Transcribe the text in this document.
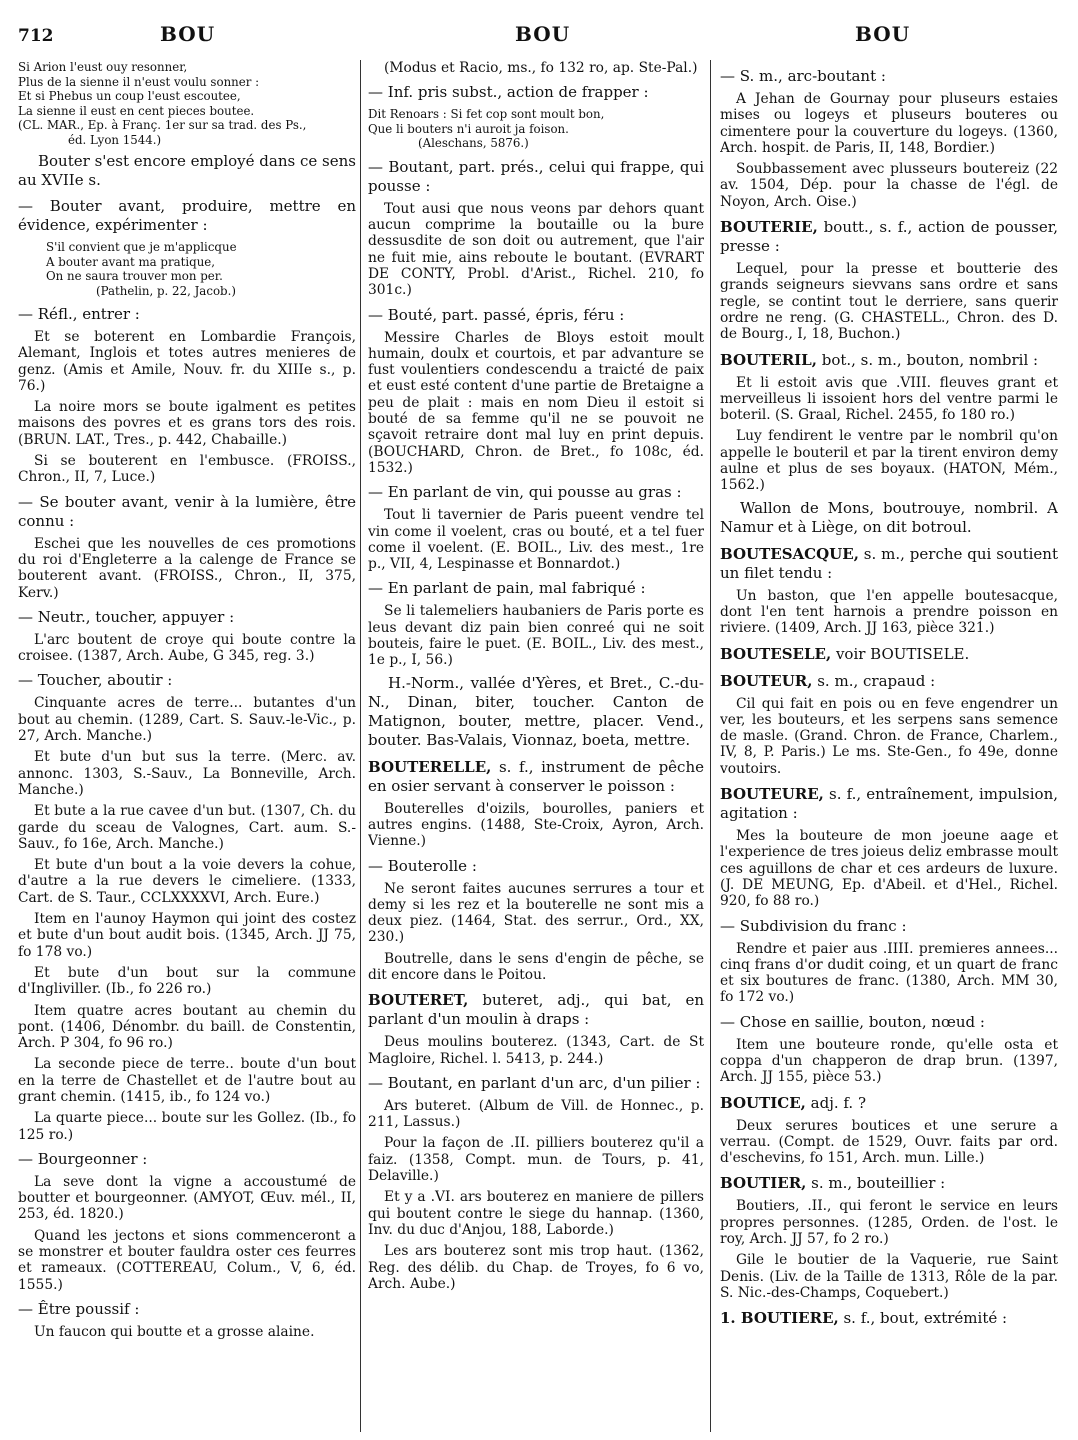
712	BOU	BOU	BOU
Si Arion l'eust ouy resonner,
Plus de la sienne il n'eust voulu sonner :
Et si Phebus un coup l'eust escoutee,
La sienne il eust en cent pieces boutee.
(CL. MAR., Ep. à Franç. 1er sur sa trad. des Ps.,
éd. Lyon 1544.)
Bouter s'est encore employé dans ce sens au XVIIe s.
— Bouter avant, produire, mettre en évidence, expérimenter :
S'il convient que je m'applicque
A bouter avant ma pratique,
On ne saura trouver mon per.
(Pathelin, p. 22, Jacob.)
— Réfl., entrer :
Et se boterent en Lombardie François, Alemant, Inglois et totes autres menieres de genz. (Amis et Amile, Nouv. fr. du XIIIe s., p. 76.)
La noire mors se boute igalment es petites maisons des povres et es grans tors des rois. (BRUN. LAT., Tres., p. 442, Chabaille.)
Si se bouterent en l'embusce. (FROISS., Chron., II, 7, Luce.)
— Se bouter avant, venir à la lumière, être connu :
Eschei que les nouvelles de ces promotions du roi d'Engleterre a la calenge de France se bouterent avant. (FROISS., Chron., II, 375, Kerv.)
— Neutr., toucher, appuyer :
L'arc boutent de croye qui boute contre la croisee. (1387, Arch. Aube, G 345, reg. 3.)
— Toucher, aboutir :
Cinquante acres de terre... butantes d'un bout au chemin. (1289, Cart. S. Sauv.-le-Vic., p. 27, Arch. Manche.)
Et bute d'un but sus la terre. (Merc. av. annonc. 1303, S.-Sauv., La Bonneville, Arch. Manche.)
Et bute a la rue cavee d'un but. (1307, Ch. du garde du sceau de Valognes, Cart. aum. S.-Sauv., fo 16e, Arch. Manche.)
Et bute d'un bout a la voie devers la cohue, d'autre a la rue devers le cimeliere. (1333, Cart. de S. Taur., CCLXXXXVI, Arch. Eure.)
Item en l'aunoy Haymon qui joint des costez et bute d'un bout audit bois. (1345, Arch. JJ 75, fo 178 vo.)
Et bute d'un bout sur la commune d'Ingliviller. (Ib., fo 226 ro.)
Item quatre acres boutant au chemin du pont. (1406, Dénombr. du baill. de Constentin, Arch. P 304, fo 96 ro.)
La seconde piece de terre.. boute d'un bout en la terre de Chastellet et de l'autre bout au grant chemin. (1415, ib., fo 124 vo.)
La quarte piece... boute sur les Gollez. (Ib., fo 125 ro.)
— Bourgeonner :
La seve dont la vigne a accoustumé de boutter et bourgeonner. (AMYOT, Œuv. mél., II, 253, éd. 1820.)
Quand les jectons et sions commenceront a se monstrer et bouter fauldra oster ces feurres et rameaux. (COTTEREAU, Colum., V, 6, éd. 1555.)
— Être poussif :
Un faucon qui boutte et a grosse alaine.
(Modus et Racio, ms., fo 132 ro, ap. Ste-Pal.)
— Inf. pris subst., action de frapper :
Dit Renoars : Si fet cop sont moult bon,
Que li bouters n'i auroit ja foison.
(Aleschans, 5876.)
— Boutant, part. prés., celui qui frappe, qui pousse :
Tout ausi que nous veons par dehors quant aucun comprime la boutaille ou la bure dessusdite de son doit ou autrement, que l'air ne fuit mie, ains reboute le boutant. (EVRART DE CONTY, Probl. d'Arist., Richel. 210, fo 301c.)
— Bouté, part. passé, épris, féru :
Messire Charles de Bloys estoit moult humain, doulx et courtois, et par advanture se fust voulentiers condescendu a traicté de paix et eust esté content d'une partie de Bretaigne a peu de plait : mais en nom Dieu il estoit si bouté de sa femme qu'il ne se pouvoit ne sçavoit retraire dont mal luy en print depuis. (BOUCHARD, Chron. de Bret., fo 108c, éd. 1532.)
— En parlant de vin, qui pousse au gras :
Tout li tavernier de Paris pueent vendre tel vin come il voelent, cras ou bouté, et a tel fuer come il voelent. (E. BOIL., Liv. des mest., 1re p., VII, 4, Lespinasse et Bonnardot.)
— En parlant de pain, mal fabriqué :
Se li talemeliers haubaniers de Paris porte es leus devant diz pain bien conreé qui ne soit bouteis, faire le puet. (E. BOIL., Liv. des mest., 1e p., I, 56.)
H.-Norm., vallée d'Yères, et Bret., C.-du-N., Dinan, biter, toucher. Canton de Matignon, bouter, mettre, placer. Vend., bouter. Bas-Valais, Vionnaz, boeta, mettre.
BOUTERELLE, s. f., instrument de pêche en osier servant à conserver le poisson :
Bouterelles d'oizils, bourolles, paniers et autres engins. (1488, Ste-Croix, Ayron, Arch. Vienne.)
— Bouterolle :
Ne seront faites aucunes serrures a tour et demy si les rez et la bouterelle ne sont mis a deux piez. (1464, Stat. des serrur., Ord., XX, 230.)
Boutrelle, dans le sens d'engin de pêche, se dit encore dans le Poitou.
BOUTERET, buteret, adj., qui bat, en parlant d'un moulin à draps :
Deus moulins bouterez. (1343, Cart. de St Magloire, Richel. l. 5413, p. 244.)
— Boutant, en parlant d'un arc, d'un pilier :
Ars buteret. (Album de Vill. de Honnec., p. 211, Lassus.)
Pour la façon de .II. pilliers bouterez qu'il a faiz. (1358, Compt. mun. de Tours, p. 41, Delaville.)
Et y a .VI. ars bouterez en maniere de pillers qui boutent contre le siege du hannap. (1360, Inv. du duc d'Anjou, 188, Laborde.)
Les ars bouterez sont mis trop haut. (1362, Reg. des délib. du Chap. de Troyes, fo 6 vo, Arch. Aube.)
— S. m., arc-boutant :
A Jehan de Gournay pour pluseurs estaies mises ou logeys et pluseurs bouteres ou cimentere pour la couverture du logeys. (1360, Arch. hospit. de Paris, II, 148, Bordier.)
Soubbassement avec plusseurs boutereiz (22 av. 1504, Dép. pour la chasse de l'égl. de Noyon, Arch. Oise.)
BOUTERIE, boutt., s. f., action de pousser, presse :
Lequel, pour la presse et boutterie des grands seigneurs sievvans sans ordre et sans regle, se contint tout le derriere, sans querir ordre ne reng. (G. CHASTELL., Chron. des D. de Bourg., I, 18, Buchon.)
BOUTERIL, bot., s. m., bouton, nombril :
Et li estoit avis que .VIII. fleuves grant et merveilleus li issoient hors del ventre parmi le boteril. (S. Graal, Richel. 2455, fo 180 ro.)
Luy fendirent le ventre par le nombril qu'on appelle le bouteril et par la tirent environ demy aulne et plus de ses boyaux. (HATON, Mém., 1562.)
Wallon de Mons, boutrouye, nombril. A Namur et à Liège, on dit botroul.
BOUTESACQUE, s. m., perche qui soutient un filet tendu :
Un baston, que l'en appelle boutesacque, dont l'en tent harnois a prendre poisson en riviere. (1409, Arch. JJ 163, pièce 321.)
BOUTESELE, voir BOUTISELE.
BOUTEUR, s. m., crapaud :
Cil qui fait en pois ou en feve engendrer un ver, les bouteurs, et les serpens sans semence de masle. (Grand. Chron. de France, Charlem., IV, 8, P. Paris.) Le ms. Ste-Gen., fo 49e, donne voutoirs.
BOUTEURE, s. f., entraînement, impulsion, agitation :
Mes la bouteure de mon joeune aage et l'experience de tres joieus deliz embrasse moult ces aguillons de char et ces ardeurs de luxure. (J. DE MEUNG, Ep. d'Abeil. et d'Hel., Richel. 920, fo 88 ro.)
— Subdivision du franc :
Rendre et paier aus .IIII. premieres annees... cinq frans d'or dudit coing, et un quart de franc et six boutures de franc. (1380, Arch. MM 30, fo 172 vo.)
— Chose en saillie, bouton, nœud :
Item une bouteure ronde, qu'elle osta et coppa d'un chapperon de drap brun. (1397, Arch. JJ 155, pièce 53.)
BOUTICE, adj. f. ?
Deux serures boutices et une serure a verrau. (Compt. de 1529, Ouvr. faits par ord. d'eschevins, fo 151, Arch. mun. Lille.)
BOUTIER, s. m., bouteillier :
Boutiers, .II., qui feront le service en leurs propres personnes. (1285, Orden. de l'ost. le roy, Arch. JJ 57, fo 2 ro.)
Gile le boutier de la Vaquerie, rue Saint Denis. (Liv. de la Taille de 1313, Rôle de la par. S. Nic.-des-Champs, Coquebert.)
1. BOUTIERE, s. f., bout, extrémité :
